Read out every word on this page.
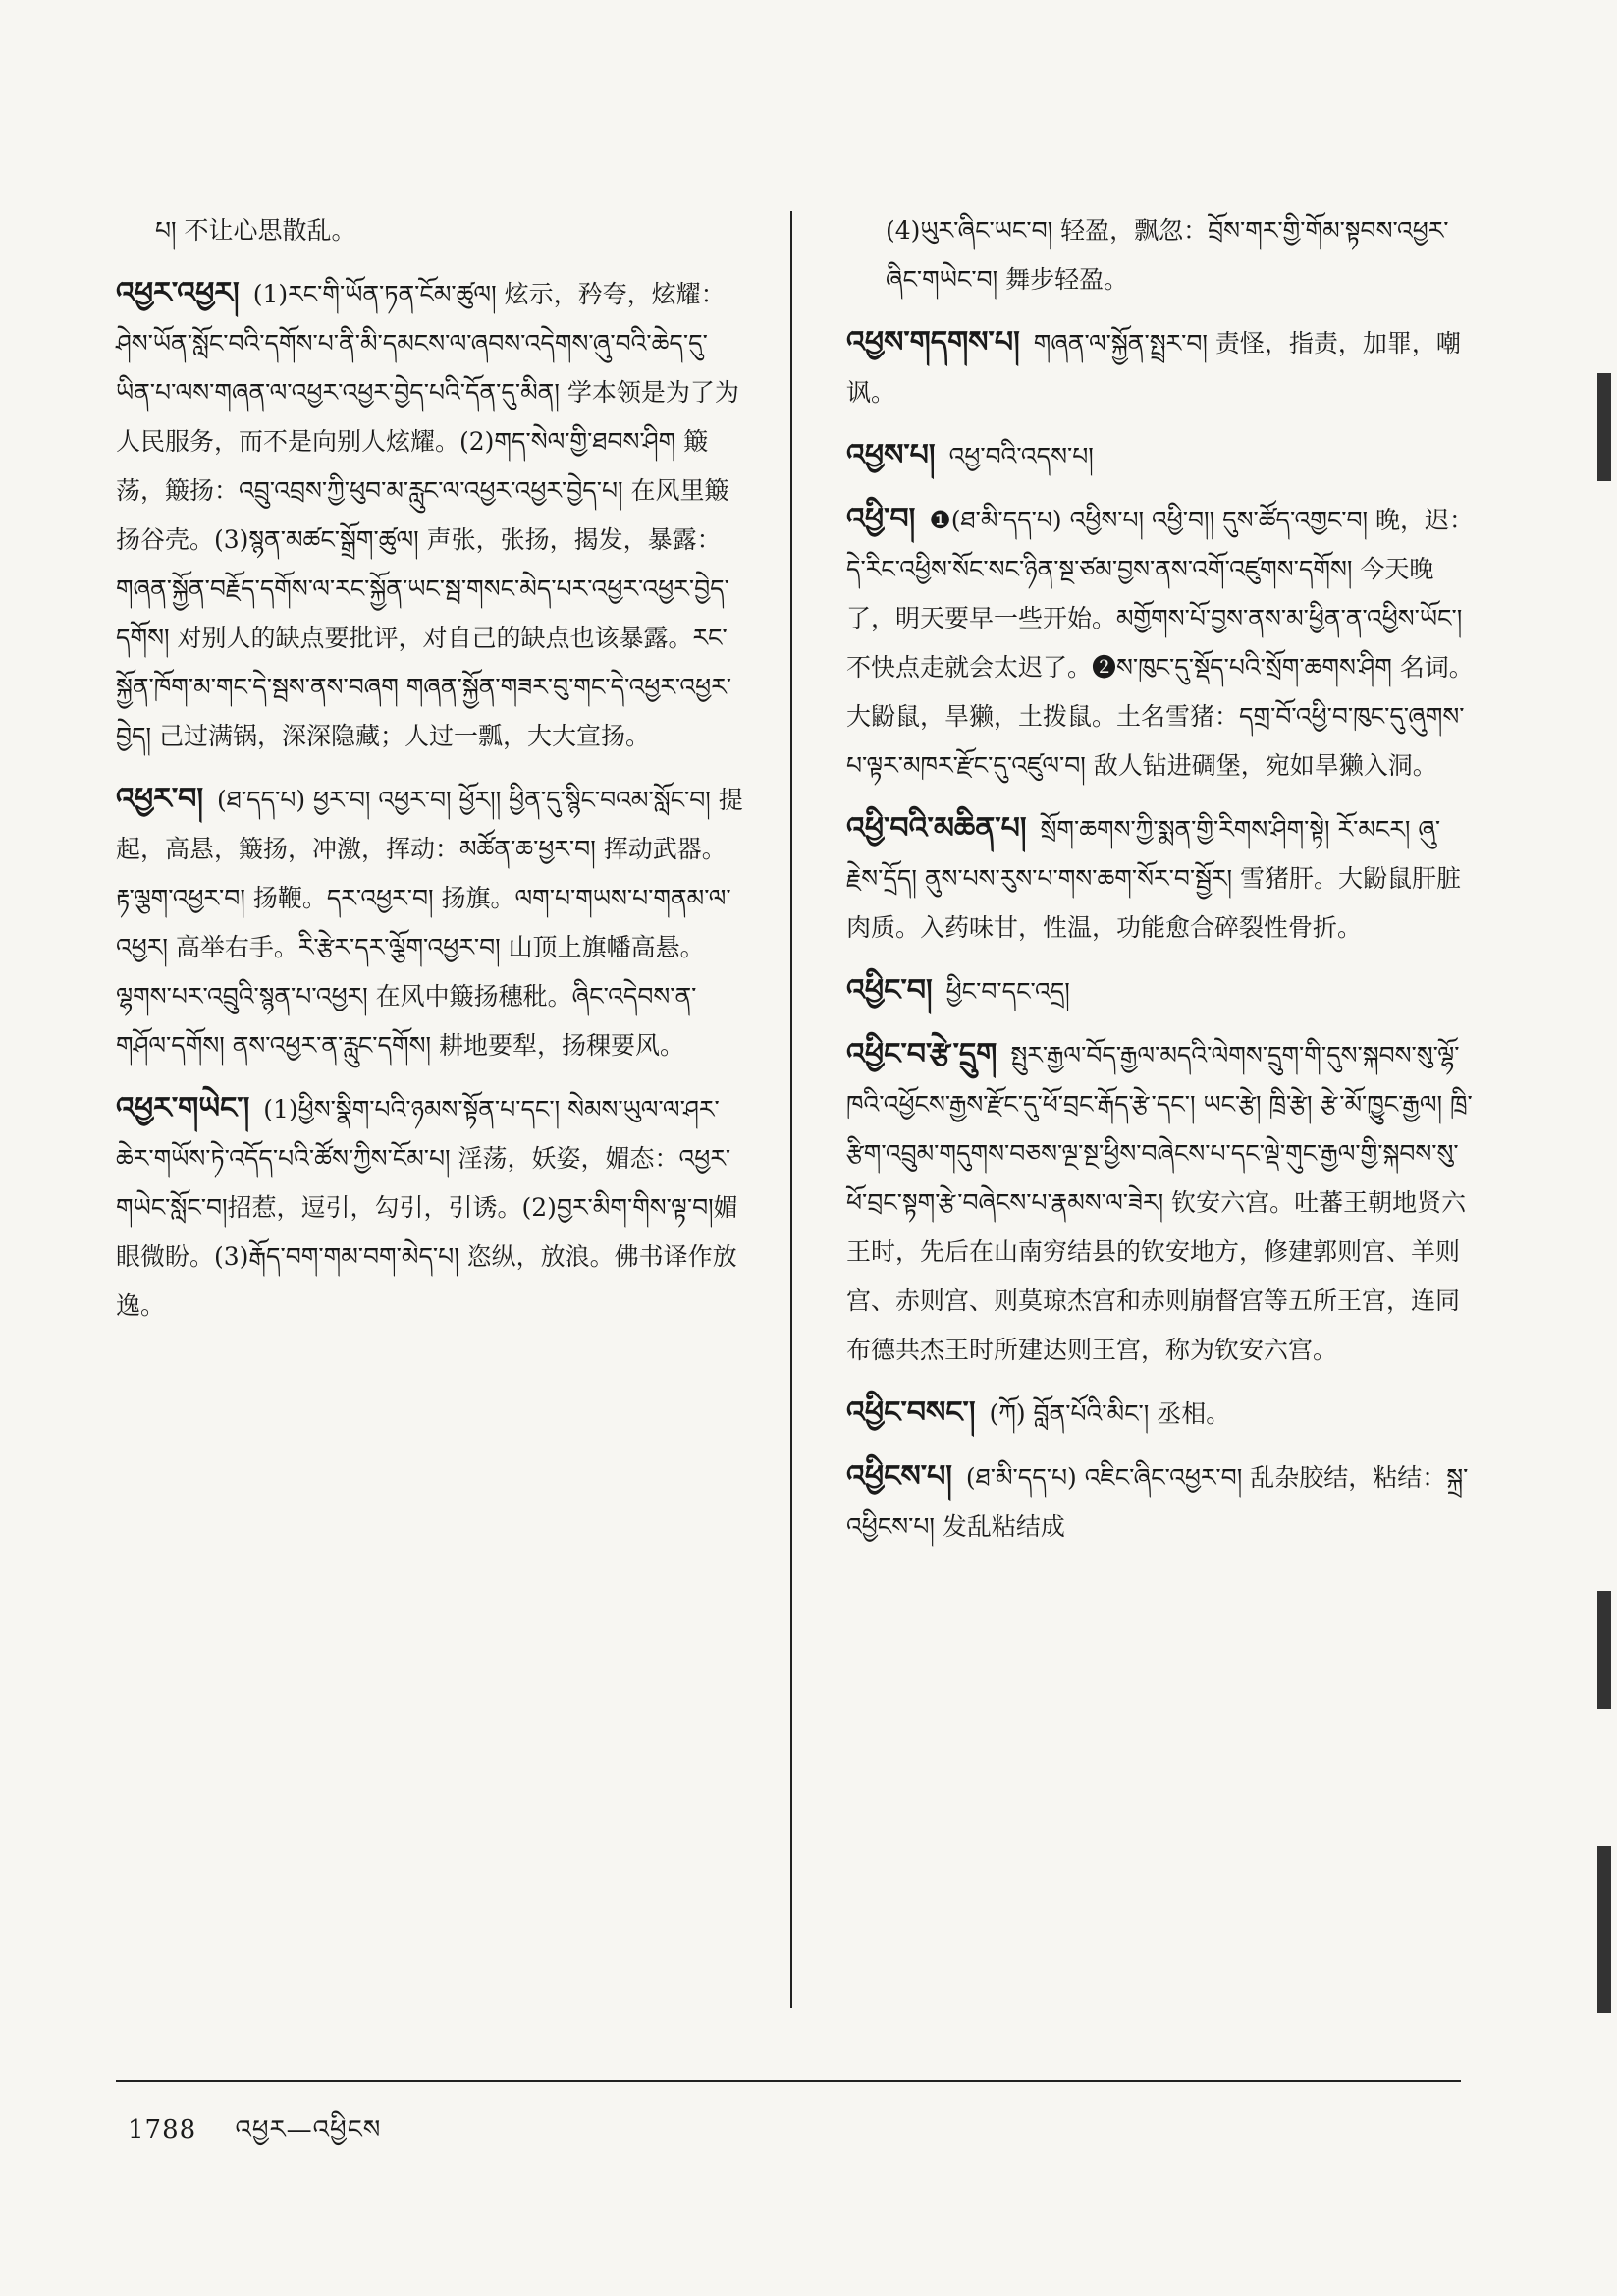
པ། 不让心思散乱。
འཕྱར་འཕྱར། (1)རང་གི་ཡོན་ཏན་ངོམ་ཚུལ། 炫示，矜夸，炫耀：ཤེས་ཡོན་སློང་བའི་དགོས་པ་ནི་མི་དམངས་ལ་ཞབས་འདེགས་ཞུ་བའི་ཆེད་དུ་ཡིན་པ་ལས་གཞན་ལ་འཕྱར་འཕྱར་བྱེད་པའི་དོན་དུ་མིན། 学本领是为了为人民服务，而不是向别人炫耀。(2)གད་སེལ་གྱི་ཐབས་ཤིག 簸荡，簸扬：འབྲུ་འབྲས་ཀྱི་ཕུབ་མ་རླུང་ལ་འཕྱར་འཕྱར་བྱེད་པ། 在风里簸扬谷壳。(3)སྙན་མཚང་སྒྲོག་ཚུལ། 声张，张扬，揭发，暴露：གཞན་སྐྱོན་བརྗོད་དགོས་ལ་རང་སྐྱོན་ཡང་སྦ་གསང་མེད་པར་འཕྱར་འཕྱར་བྱེད་དགོས། 对别人的缺点要批评，对自己的缺点也该暴露。རང་སྐྱོན་ཁོག་མ་གང་དེ་སྦས་ནས་བཞག གཞན་སྐྱོན་གཟར་བུ་གང་དེ་འཕྱར་འཕྱར་བྱེད། 己过满锅，深深隐藏；人过一瓢，大大宣扬。
འཕྱར་བ། (ཐ་དད་པ) ཕྱར་བ། འཕྱར་བ། ཕྱོར།། ཕྱིན་དུ་སྙིང་བའམ་སློང་བ། 提起，高悬，簸扬，冲激，挥动：མཚོན་ཆ་ཕྱར་བ། 挥动武器。རྟ་ལྕག་འཕྱར་བ། 扬鞭。དར་འཕྱར་བ། 扬旗。ལག་པ་གཡས་པ་གནམ་ལ་འཕྱར། 高举右手。རི་རྩེར་དར་ལྕོག་འཕྱར་བ། 山顶上旗幡高悬。ལྷགས་པར་འབྲུའི་སྙན་པ་འཕྱར། 在风中簸扬穗秕。ཞིང་འདེབས་ན་གཤོལ་དགོས། ནས་འཕྱར་ན་རླུང་དགོས། 耕地要犁，扬稞要风。
འཕྱར་གཡེང་། (1)ཕྱིས་སྣིག་པའི་ཉམས་སྟོན་པ་དང་། སེམས་ཡུལ་ལ་ཤར་ཆེར་གཡོས་ཏེ་འདོད་པའི་ཚོས་ཀྱིས་ངོམ་པ། 淫荡，妖姿，媚态：འཕྱར་གཡེང་སློང་བ།招惹，逗引，勾引，引诱。(2)བྱར་མིག་གིས་ལྟ་བ།媚眼微盼。(3)རྒོད་བག་གམ་བག་མེད་པ། 恣纵，放浪。佛书译作放逸。
(4)ཡུར་ཞིང་ཡང་བ། 轻盈，飘忽：བྲོས་གར་གྱི་གོམ་སྟབས་འཕྱར་ཞིང་གཡེང་བ། 舞步轻盈。
འཕྱས་གདགས་པ། གཞན་ལ་སྐྱོན་སྤྲར་བ། 责怪，指责，加罪，嘲讽。
འཕྱས་པ། འཕྱ་བའི་འདས་པ།
འཕྱི་བ། ❶(ཐ་མི་དད་པ) འཕྱིས་པ། འཕྱི་བ།། དུས་ཚོད་འགྱང་བ། 晚，迟：དེ་རིང་འཕྱིས་སོང་སང་ཉིན་སྔ་ཙམ་བྱས་ནས་འགོ་འཛུགས་དགོས། 今天晚了，明天要早一些开始。མགྱོགས་པོ་བྱས་ནས་མ་ཕྱིན་ན་འཕྱིས་ཡོང་། 不快点走就会太迟了。❷ས་ཁུང་དུ་སྡོད་པའི་སྲོག་ཆགས་ཤིག 名词。大鼢鼠，旱獭，土拨鼠。土名雪猪：དགྲ་བོ་འཕྱི་བ་ཁུང་དུ་ཞུགས་པ་ལྟར་མཁར་རྫོང་དུ་འཛུལ་བ། 敌人钻进碉堡，宛如旱獭入洞。
འཕྱི་བའི་མཆིན་པ། སྲོག་ཆགས་ཀྱི་སྨན་གྱི་རིགས་ཤིག་སྟེ། རོ་མངར། ཞུ་རྗེས་དྲོད། ནུས་པས་རུས་པ་གས་ཆག་སོར་བ་སྦྱོར། 雪猪肝。大鼢鼠肝脏肉质。入药味甘，性温，功能愈合碎裂性骨折。
འཕྱིང་བ། ཕྱིང་བ་དང་འདྲ།
འཕྱིང་བ་རྩེ་དྲུག སྤུར་རྒྱལ་བོད་རྒྱལ་མདའི་ལེགས་དྲུག་གི་དུས་སྐབས་སུ་ལྷོ་ཁའི་འཕྱོངས་རྒྱས་རྫོང་དུ་ཕོ་བྲང་རྒོད་རྩེ་དང་། ཡང་རྩེ། ཁྲི་རྩེ། རྩེ་མོ་ཁྱུང་རྒྱལ། ཁྲི་རྩིག་འབྲུམ་གདུགས་བཅས་ལྔ་སྔ་ཕྱིས་བཞེངས་པ་དང་ལྡེ་གུང་རྒྱལ་གྱི་སྐབས་སུ་ཕོ་བྲང་སྟག་རྩེ་བཞེངས་པ་རྣམས་ལ་ཟེར། 钦安六宫。吐蕃王朝地贤六王时，先后在山南穷结县的钦安地方，修建郭则宫、羊则宫、赤则宫、则莫琼杰宫和赤则崩督宫等五所王宫，连同布德共杰王时所建达则王宫，称为钦安六宫。
འཕྱིང་བསང་། (ཀོ) བློན་པོའི་མིང་། 丞相。
འཕྱིངས་པ། (ཐ་མི་དད་པ) འཇིང་ཞིང་འཕྱར་བ། 乱杂胶结，粘结：སྐྲ་འཕྱིངས་པ། 发乱粘结成
1788 འཕྱར—འཕྱིངས
